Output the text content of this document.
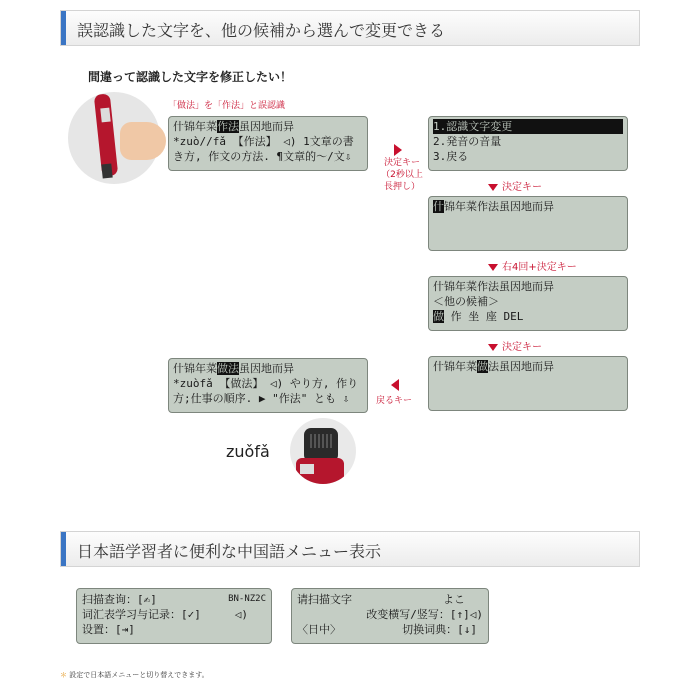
誤認識した文字を、他の候補から選んで変更できる
間違って認識した文字を修正したい！
「做法」を「作法」と誤認識
什锦年菜作法虽因地而异
*zuò//fǎ 【作法】 ◁) 1文章の書
き方, 作文の方法. ¶文章的〜/文⇩	決定キー
（2秒以上
長押し）
1.認識文字変更
2.発音の音量
3.戻る
決定キー
什锦年菜作法虽因地而异
右4回+決定キー
什锦年菜作法虽因地而异
＜他の候補＞
做 作 坐 座 DEL
決定キー
什锦年菜做法虽因地而异
戻るキー
什锦年菜做法虽因地而异
*zuòfǎ 【做法】 ◁) やり方, 作り
方;仕事の順序. ▶ "作法" とも ⇩
zuǒfǎ
日本語学習者に便利な中国語メニュー表示
扫描查询：[✍]	BN-NZ2C
词汇表学习与记录：[✓]	◁)
设置：[⇥]
请扫描文字	よこ
改变横写/竖写：[↑]◁)
〈日中〉	切换词典：[↓]
＊ 設定で日本語メニューと切り替えできます。
